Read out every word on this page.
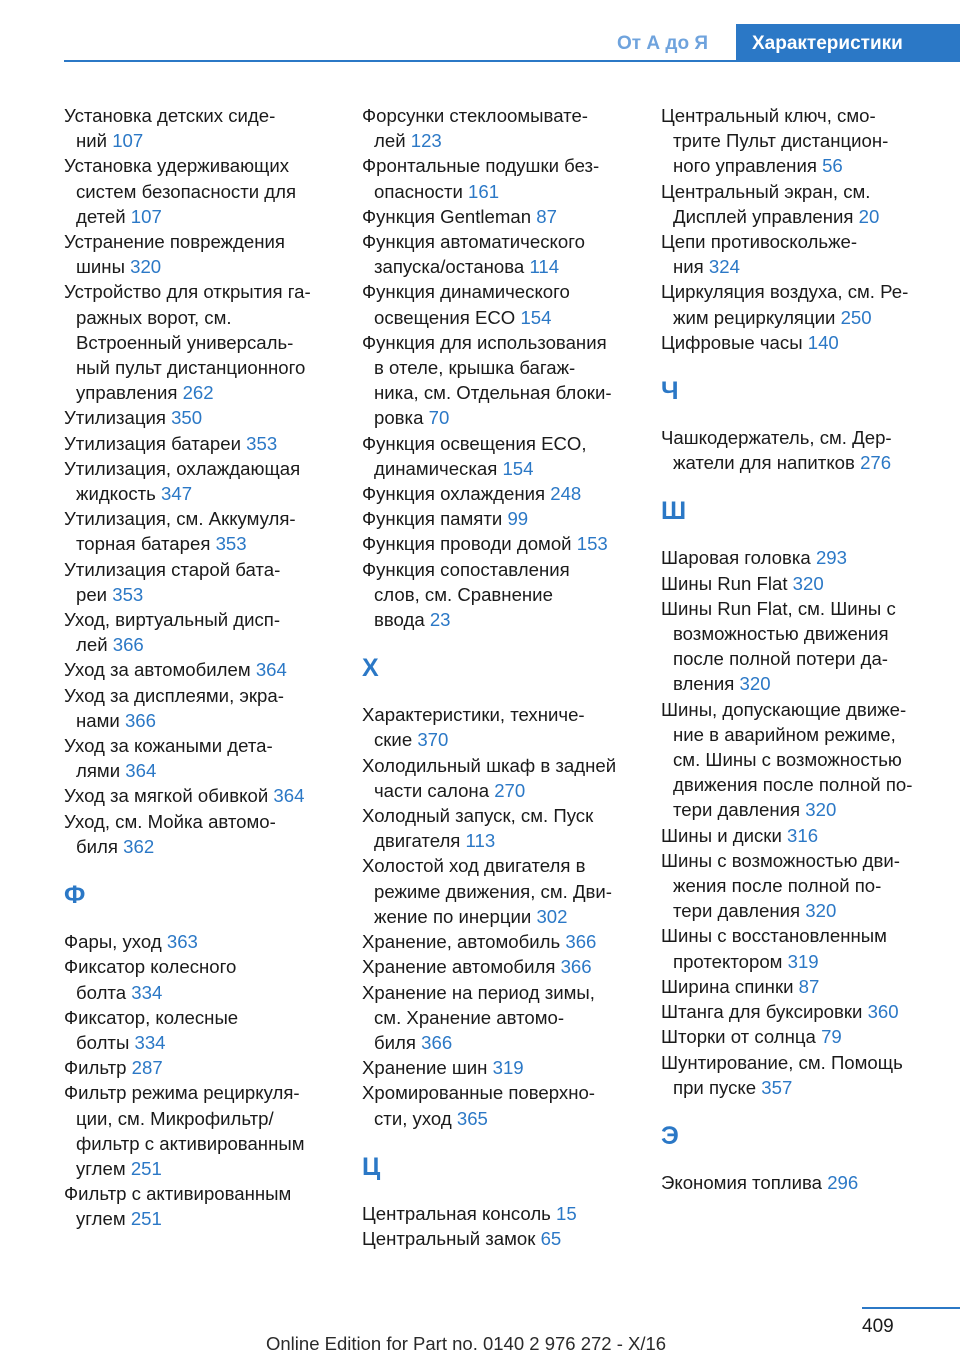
От А до Я	Характеристики
Установка детских сиде-
ний 107
Установка удерживающих
систем безопасности для
детей 107
Устранение повреждения
шины 320
Устройство для открытия га-
ражных ворот, см.
Встроенный универсаль-
ный пульт дистанционного
управления 262
Утилизация 350
Утилизация батареи 353
Утилизация, охлаждающая
жидкость 347
Утилизация, см. Аккумуля-
торная батарея 353
Утилизация старой бата-
реи 353
Уход, виртуальный дисп-
лей 366
Уход за автомобилем 364
Уход за дисплеями, экра-
нами 366
Уход за кожаными дета-
лями 364
Уход за мягкой обивкой 364
Уход, см. Мойка автомо-
биля 362
Ф
Фары, уход 363
Фиксатор колесного
болта 334
Фиксатор, колесные
болты 334
Фильтр 287
Фильтр режима рециркуля-
ции, см. Микрофильтр/
фильтр с активированным
углем 251
Фильтр с активированным
углем 251
Форсунки стеклоомывате-
лей 123
Фронтальные подушки без-
опасности 161
Функция Gentleman 87
Функция автоматического
запуска/останова 114
Функция динамического
освещения ECO 154
Функция для использования
в отеле, крышка багаж-
ника, см. Отдельная блоки-
ровка 70
Функция освещения ECO,
динамическая 154
Функция охлаждения 248
Функция памяти 99
Функция проводи домой 153
Функция сопоставления
слов, см. Сравнение
ввода 23
Х
Характеристики, техниче-
ские 370
Холодильный шкаф в задней
части салона 270
Холодный запуск, см. Пуск
двигателя 113
Холостой ход двигателя в
режиме движения, см. Дви-
жение по инерции 302
Хранение, автомобиль 366
Хранение автомобиля 366
Хранение на период зимы,
см. Хранение автомо-
биля 366
Хранение шин 319
Хромированные поверхно-
сти, уход 365
Ц
Центральная консоль 15
Центральный замок 65
Центральный ключ, смо-
трите Пульт дистанцион-
ного управления 56
Центральный экран, см.
Дисплей управления 20
Цепи противоскольже-
ния 324
Циркуляция воздуха, см. Ре-
жим рециркуляции 250
Цифровые часы 140
Ч
Чашкодержатель, см. Дер-
жатели для напитков 276
Ш
Шаровая головка 293
Шины Run Flat 320
Шины Run Flat, см. Шины с
возможностью движения
после полной потери да-
вления 320
Шины, допускающие движе-
ние в аварийном режиме,
см. Шины с возможностью
движения после полной по-
тери давления 320
Шины и диски 316
Шины с возможностью дви-
жения после полной по-
тери давления 320
Шины с восстановленным
протектором 319
Ширина спинки 87
Штанга для буксировки 360
Шторки от солнца 79
Шунтирование, см. Помощь
при пуске 357
Э
Экономия топлива 296
409
Online Edition for Part no. 0140 2 976 272 - X/16
